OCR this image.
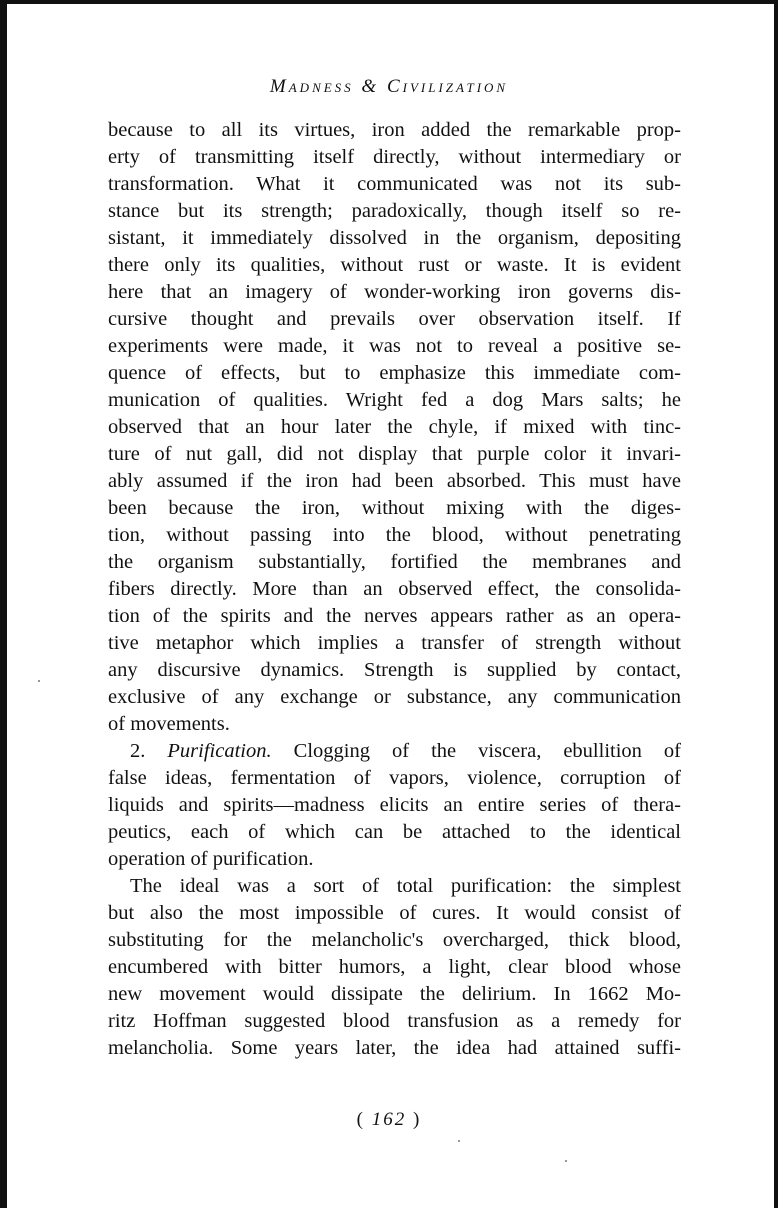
Madness & Civilization
because to all its virtues, iron added the remarkable prop-
erty of transmitting itself directly, without intermediary or
transformation. What it communicated was not its sub-
stance but its strength; paradoxically, though itself so re-
sistant, it immediately dissolved in the organism, depositing
there only its qualities, without rust or waste. It is evident
here that an imagery of wonder-working iron governs dis-
cursive thought and prevails over observation itself. If
experiments were made, it was not to reveal a positive se-
quence of effects, but to emphasize this immediate com-
munication of qualities. Wright fed a dog Mars salts; he
observed that an hour later the chyle, if mixed with tinc-
ture of nut gall, did not display that purple color it invari-
ably assumed if the iron had been absorbed. This must have
been because the iron, without mixing with the diges-
tion, without passing into the blood, without penetrating
the organism substantially, fortified the membranes and
fibers directly. More than an observed effect, the consolida-
tion of the spirits and the nerves appears rather as an opera-
tive metaphor which implies a transfer of strength without
any discursive dynamics. Strength is supplied by contact,
exclusive of any exchange or substance, any communication
of movements.
2. Purification. Clogging of the viscera, ebullition of
false ideas, fermentation of vapors, violence, corruption of
liquids and spirits—madness elicits an entire series of thera-
peutics, each of which can be attached to the identical
operation of purification.
The ideal was a sort of total purification: the simplest
but also the most impossible of cures. It would consist of
substituting for the melancholic's overcharged, thick blood,
encumbered with bitter humors, a light, clear blood whose
new movement would dissipate the delirium. In 1662 Mo-
ritz Hoffman suggested blood transfusion as a remedy for
melancholia. Some years later, the idea had attained suffi-
( 162 )
